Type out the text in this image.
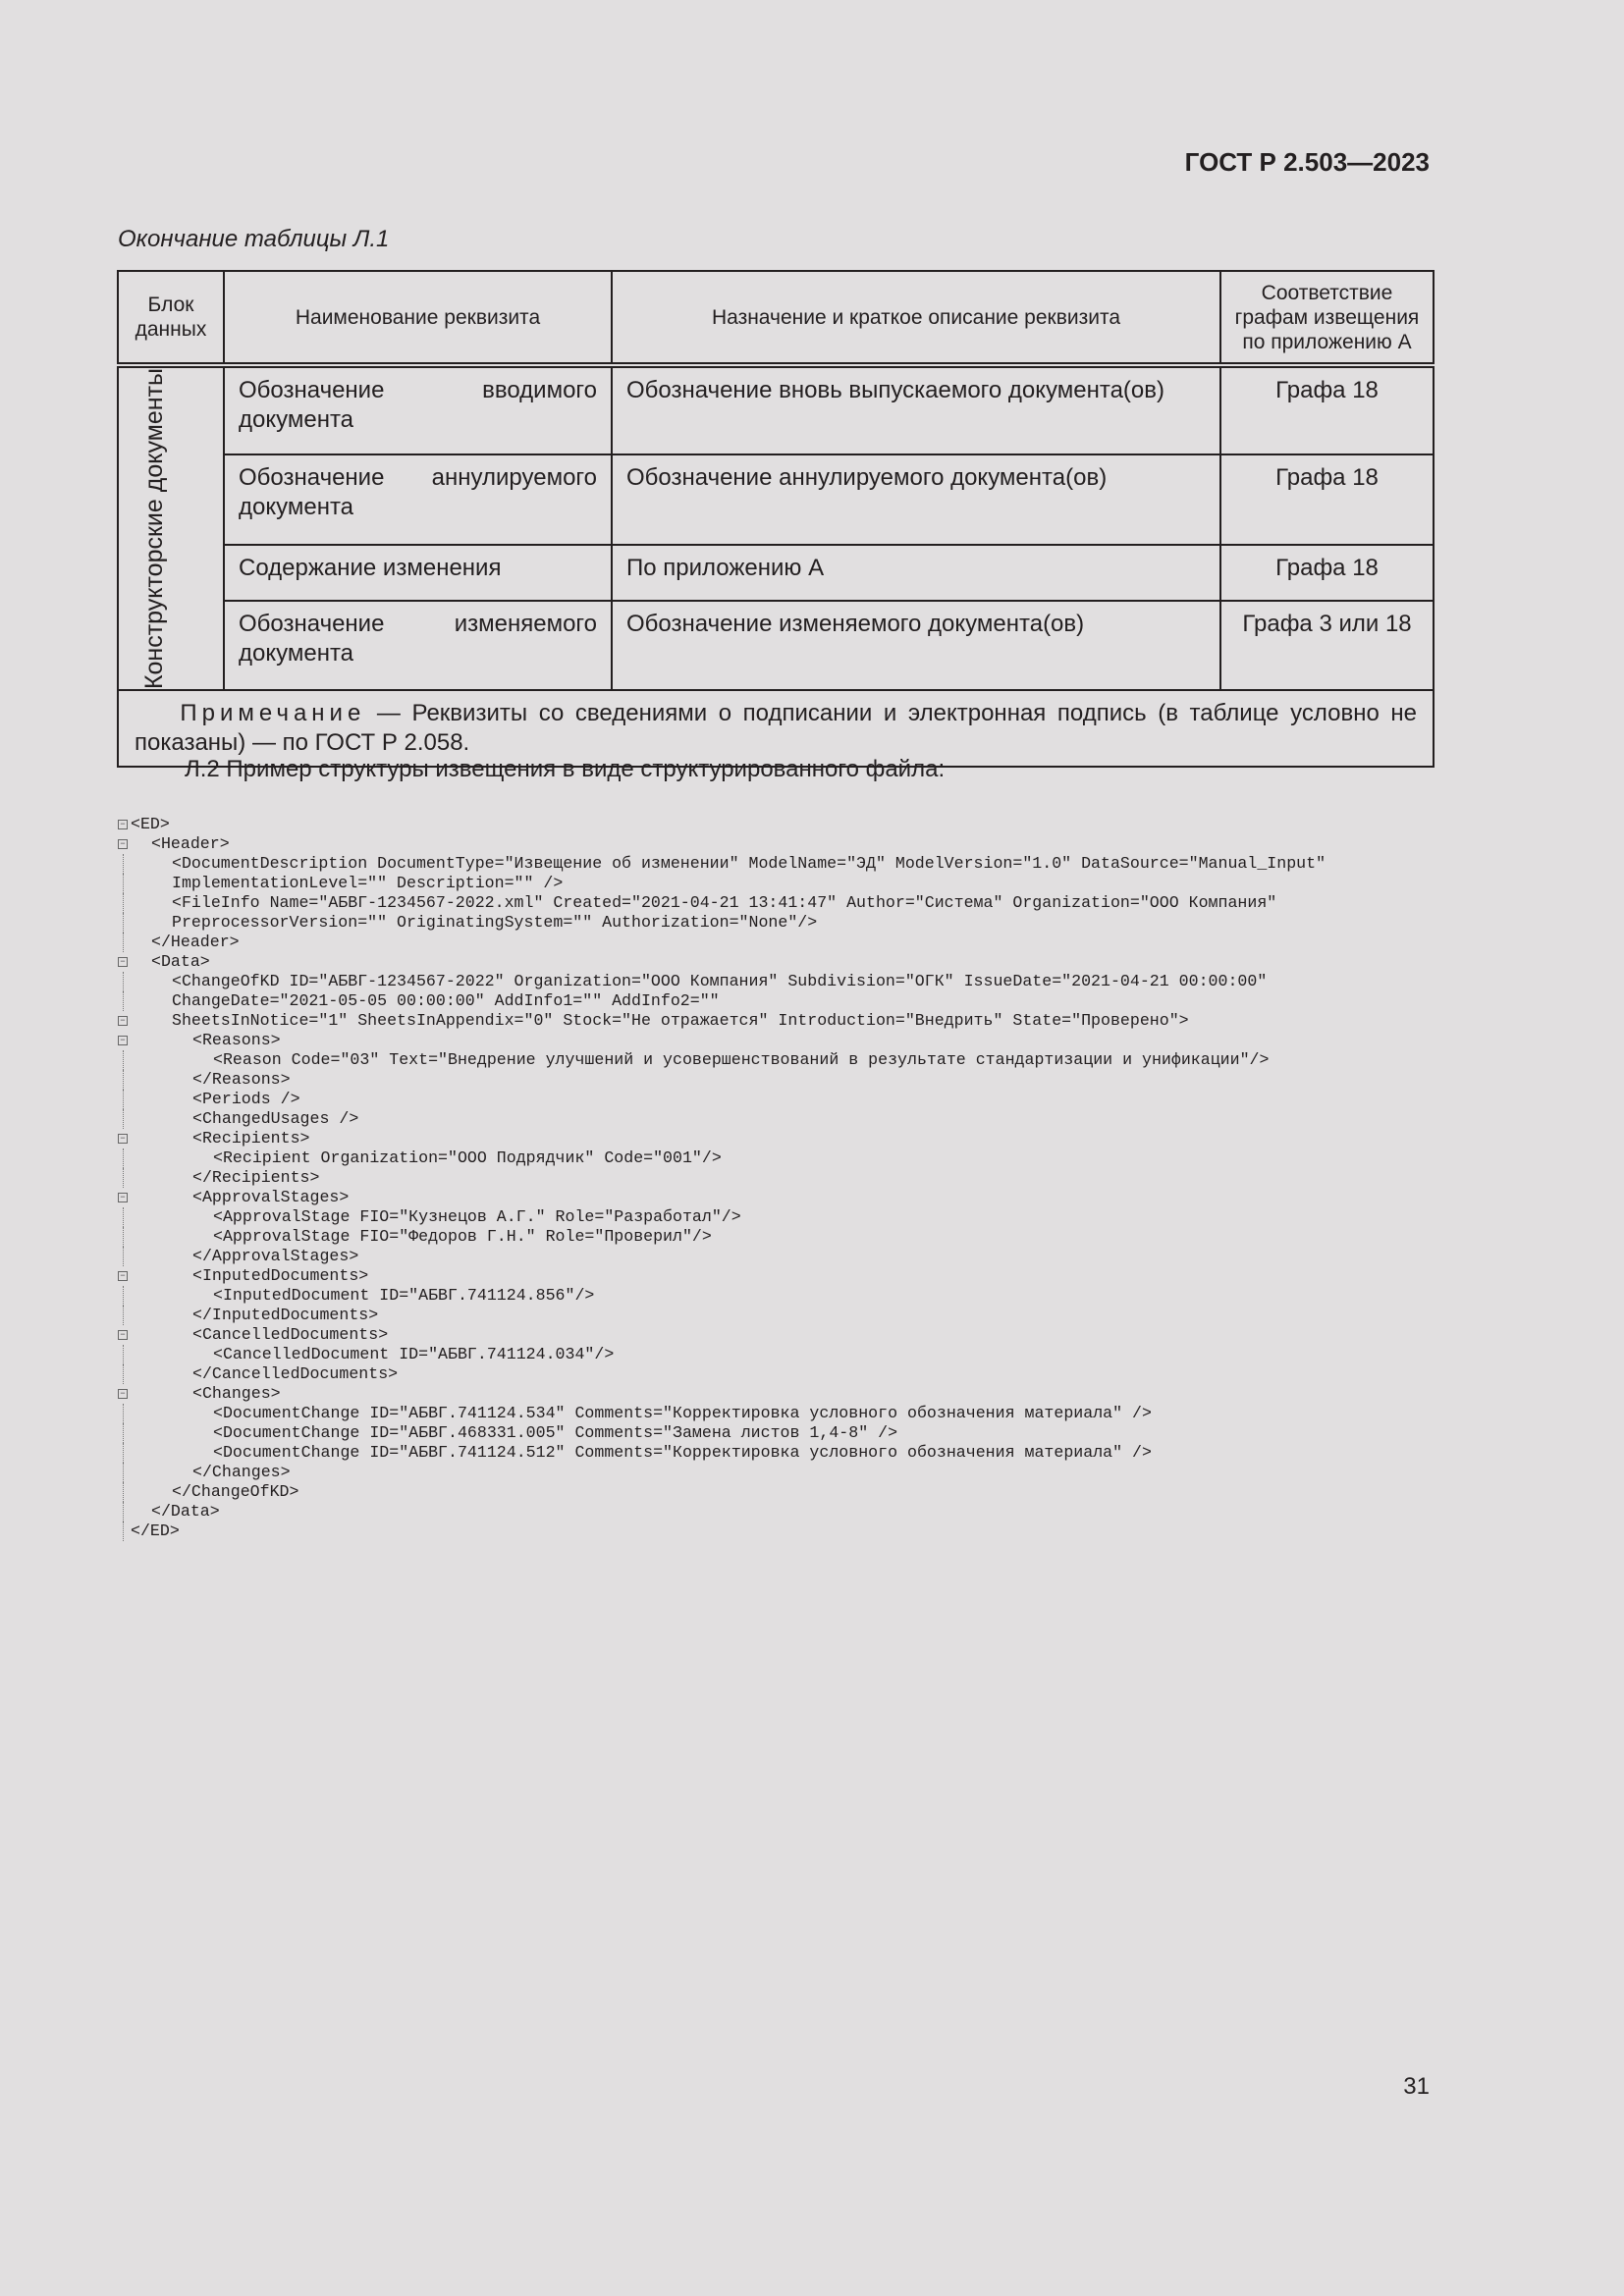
ГОСТ Р 2.503—2023
Окончание таблицы Л.1
Блок данных	Наименование реквизита	Назначение и краткое описание реквизита	Соответствие графам извещения по приложению А

Конструкторские документы	Обозначение вводимого документа	Обозначение вновь выпускаемого документа(ов)	Графа 18
	Обозначение аннулируемого документа	Обозначение аннулируемого документа(ов)	Графа 18
	Содержание изменения	По приложению А	Графа 18
	Обозначение изменяемого документа	Обозначение изменяемого документа(ов)	Графа 3 или 18
Примечание — Реквизиты со сведениями о подписании и электронная подпись (в таблице условно не показаны) — по ГОСТ Р 2.058.			
Л.2 Пример структуры извещения в виде структурированного файла:
− <ED>
− <Header>
<DocumentDescription DocumentType="Извещение об изменении" ModelName="ЭД" ModelVersion="1.0" DataSource="Manual_Input"
ImplementationLevel="" Description="" />
<FileInfo Name="АБВГ-1234567-2022.xml" Created="2021-04-21 13:41:47" Author="Система" Organization="ООО Компания"
PreprocessorVersion="" OriginatingSystem="" Authorization="None"/>
</Header>
− <Data>
<ChangeOfKD ID="АБВГ-1234567-2022" Organization="ООО Компания" Subdivision="ОГК" IssueDate="2021-04-21 00:00:00"
ChangeDate="2021-05-05 00:00:00" AddInfo1="" AddInfo2=""
−	SheetsInNotice="1" SheetsInAppendix="0" Stock="Не отражается" Introduction="Внедрить" State="Проверено">
−	<Reasons>
<Reason Code="03" Text="Внедрение улучшений и усовершенствований в результате стандартизации и унификации"/>
</Reasons>
<Periods />
<ChangedUsages />
−	<Recipients>
<Recipient Organization="ООО Подрядчик" Code="001"/>
</Recipients>
−	<ApprovalStages>
<ApprovalStage FIO="Кузнецов А.Г." Role="Разработал"/>
<ApprovalStage FIO="Федоров Г.Н." Role="Проверил"/>
</ApprovalStages>
−	<InputedDocuments>
<InputedDocument ID="АБВГ.741124.856"/>
</InputedDocuments>
−	<CancelledDocuments>
<CancelledDocument ID="АБВГ.741124.034"/>
</CancelledDocuments>
−	<Changes>
<DocumentChange ID="АБВГ.741124.534" Comments="Корректировка условного обозначения материала" />
<DocumentChange ID="АБВГ.468331.005" Comments="Замена листов 1,4-8" />
<DocumentChange ID="АБВГ.741124.512" Comments="Корректировка условного обозначения материала" />
</Changes>
</ChangeOfKD>
</Data>
</ED>
31
